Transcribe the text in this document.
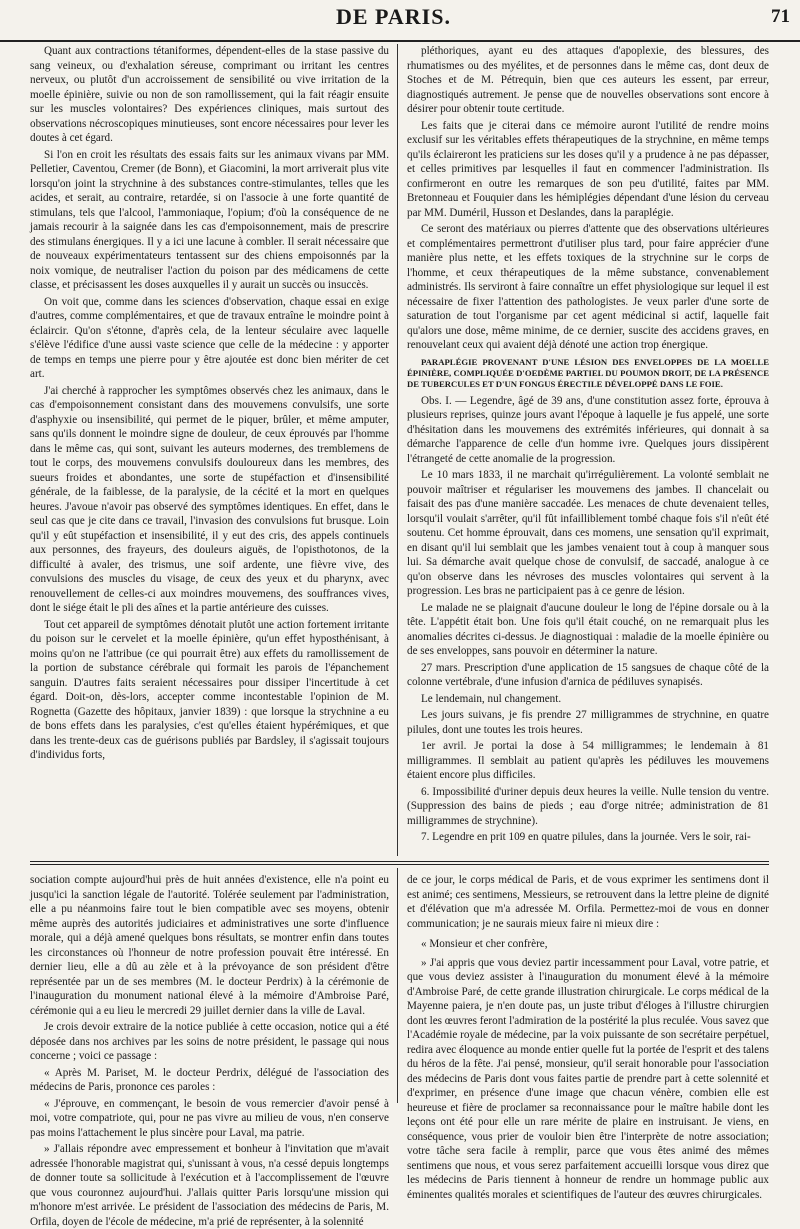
DE PARIS.	71

Quant aux contractions tétaniformes, dépendent-elles de la stase passive du sang veineux, ou d'exhalation séreuse, comprimant ou irritant les centres nerveux, ou plutôt d'un accroissement de sensibilité ou vive irritation de la moelle épinière, suivie ou non de son ramollissement, qui la fait réagir ensuite sur les muscles volontaires? Des expériences cliniques, mais surtout des observations nécroscopiques minutieuses, sont encore nécessaires pour lever les doutes à cet égard.

Si l'on en croit les résultats des essais faits sur les animaux vivans par MM. Pelletier, Caventou, Cremer (de Bonn), et Giacomini, la mort arriverait plus vite lorsqu'on joint la strychnine à des substances contre-stimulantes, telles que les acides, et serait, au contraire, retardée, si on l'associe à une forte quantité de stimulans, tels que l'alcool, l'ammoniaque, l'opium; d'où la conséquence de ne jamais recourir à la saignée dans les cas d'empoisonnement, mais de prescrire des stimulans énergiques. Il y a ici une lacune à combler. Il serait nécessaire que de nouveaux expérimentateurs tentassent sur des chiens empoisonnés par la noix vomique, de neutraliser l'action du poison par des médicamens de cette classe, et précisassent les doses auxquelles il y aurait un succès ou insuccès.

On voit que, comme dans les sciences d'observation, chaque essai en exige d'autres, comme complémentaires, et que de travaux entraîne le moindre point à éclaircir. Qu'on s'étonne, d'après cela, de la lenteur séculaire avec laquelle s'élève l'édifice d'une aussi vaste science que celle de la médecine : y apporter de temps en temps une pierre pour y être ajoutée est donc bien mériter de cet art.

J'ai cherché à rapprocher les symptômes observés chez les animaux, dans le cas d'empoisonnement consistant dans des mouvemens convulsifs, une sorte d'asphyxie ou insensibilité, qui permet de le piquer, brûler, et même amputer, sans qu'ils donnent le moindre signe de douleur, de ceux éprouvés par l'homme dans le même cas, qui sont, suivant les auteurs modernes, des tremblemens de tout le corps, des mouvemens convulsifs douloureux dans les membres, des sueurs froides et abondantes, une sorte de stupéfaction et d'insensibilité générale, de la faiblesse, de la paralysie, de la cécité et la mort en quelques heures. J'avoue n'avoir pas observé des symptômes identiques. En effet, dans le seul cas que je cite dans ce travail, l'invasion des convulsions fut brusque. Loin qu'il y eût stupéfaction et insensibilité, il y eut des cris, des appels continuels aux personnes, des frayeurs, des douleurs aiguës, de l'opisthotonos, de la difficulté à avaler, des trismus, une soif ardente, une fièvre vive, des convulsions des muscles du visage, de ceux des yeux et du pharynx, avec renouvellement de celles-ci aux moindres mouvemens, des souffrances vives, dont le siége était le pli des aînes et la partie antérieure des cuisses.

Tout cet appareil de symptômes dénotait plutôt une action fortement irritante du poison sur le cervelet et la moelle épinière, qu'un effet hyposthénisant, à moins qu'on ne l'attribue (ce qui pourrait être) aux effets du ramollissement de la portion de substance cérébrale qui formait les parois de l'épanchement sanguin. D'autres faits seraient nécessaires pour dissiper l'incertitude à cet égard. Doit-on, dès-lors, accepter comme incontestable l'opinion de M. Rognetta (Gazette des hôpitaux, janvier 1839) : que lorsque la strychnine a eu de bons effets dans les paralysies, c'est qu'elles étaient hypérémiques, et que dans les trente-deux cas de guérisons publiés par Bardsley, il s'agissait toujours d'individus forts,

pléthoriques, ayant eu des attaques d'apoplexie, des blessures, des rhumatismes ou des myélites, et de personnes dans le même cas, dont deux de Stoches et de M. Pétrequin, bien que ces auteurs les essent, par erreur, diagnostiqués autrement. Je pense que de nouvelles observations sont encore à désirer pour obtenir toute certitude.

Les faits que je citerai dans ce mémoire auront l'utilité de rendre moins exclusif sur les véritables effets thérapeutiques de la strychnine, en même temps qu'ils éclaireront les praticiens sur les doses qu'il y a prudence à ne pas dépasser, et celles primitives par lesquelles il faut en commencer l'administration. Ils confirmeront en outre les remarques de son peu d'utilité, faites par MM. Bretonneau et Fouquier dans les hémiplégies dépendant d'une lésion du cerveau par MM. Duméril, Husson et Deslandes, dans la paraplégie.

Ce seront des matériaux ou pierres d'attente que des observations ultérieures et complémentaires permettront d'utiliser plus tard, pour faire apprécier d'une manière plus nette, et les effets toxiques de la strychnine sur le corps de l'homme, et ceux thérapeutiques de la même substance, convenablement administrés. Ils serviront à faire connaître un effet physiologique sur lequel il est nécessaire de fixer l'attention des pathologistes. Je veux parler d'une sorte de saturation de tout l'organisme par cet agent médicinal si actif, laquelle fait qu'alors une dose, même minime, de ce dernier, suscite des accidens graves, en renouvelant ceux qui avaient déjà dénoté une action trop énergique.

PARAPLÉGIE PROVENANT D'UNE LÉSION DES ENVELOPPES DE LA MOELLE ÉPINIÈRE, COMPLIQUÉE D'OEDÈME PARTIEL DU POUMON DROIT, DE LA PRÉSENCE DE TUBERCULES ET D'UN FONGUS ÉRECTILE DÉVELOPPÉ DANS LE FOIE.

Obs. I. — Legendre, âgé de 39 ans, d'une constitution assez forte, éprouva à plusieurs reprises, quinze jours avant l'époque à laquelle je fus appelé, une sorte d'hésitation dans les mouvemens des extrémités inférieures, qui donnait à sa démarche l'apparence de celle d'un homme ivre. Quelques jours dissipèrent l'étrangeté de cette anomalie de la progression.

Le 10 mars 1833, il ne marchait qu'irrégulièrement. La volonté semblait ne pouvoir maîtriser et régulariser les mouvemens des jambes. Il chancelait ou faisait des pas d'une manière saccadée. Les menaces de chute devenaient telles, lorsqu'il voulait s'arrêter, qu'il fût infailliblement tombé chaque fois s'il n'eût été soutenu. Cet homme éprouvait, dans ces momens, une sensation qu'il exprimait, en disant qu'il lui semblait que les jambes venaient tout à coup à manquer sous lui. Sa démarche avait quelque chose de convulsif, de saccadé, analogue à ce qu'on observe dans les névroses des muscles volontaires qui servent à la progression. Les bras ne participaient pas à ce genre de lésion.

Le malade ne se plaignait d'aucune douleur le long de l'épine dorsale ou à la tête. L'appétit était bon. Une fois qu'il était couché, on ne remarquait plus les anomalies décrites ci-dessus. Je diagnostiquai : maladie de la moelle épinière ou de ses enveloppes, sans pouvoir en déterminer la nature.

27 mars. Prescription d'une application de 15 sangsues de chaque côté de la colonne vertébrale, d'une infusion d'arnica de pédiluves synapisés.

Le lendemain, nul changement.

Les jours suivans, je fis prendre 27 milligrammes de strychnine, en quatre pilules, dont une toutes les trois heures.

1er avril. Je portai la dose à 54 milligrammes; le lendemain à 81 milligrammes. Il semblait au patient qu'après les pédiluves les mouvemens étaient encore plus difficiles.

6. Impossibilité d'uriner depuis deux heures la veille. Nulle tension du ventre. (Suppression des bains de pieds ; eau d'orge nitrée; administration de 81 milligrammes de strychnine).

7. Legendre en prit 109 en quatre pilules, dans la journée. Vers le soir, rai-

sociation compte aujourd'hui près de huit années d'existence, elle n'a point eu jusqu'ici la sanction légale de l'autorité. Tolérée seulement par l'administration, elle a pu néanmoins faire tout le bien compatible avec ses moyens, obtenir même auprès des autorités judiciaires et administratives une sorte d'influence morale, qui a déjà amené quelques bons résultats, se montrer enfin dans toutes les circonstances où l'honneur de notre profession pouvait être intéressé. En dernier lieu, elle a dû au zèle et à la prévoyance de son président d'être représentée par un de ses membres (M. le docteur Perdrix) à la cérémonie de l'inauguration du monument national élevé à la mémoire d'Ambroise Paré, cérémonie qui a eu lieu le mercredi 29 juillet dernier dans la ville de Laval.

Je crois devoir extraire de la notice publiée à cette occasion, notice qui a été déposée dans nos archives par les soins de notre président, le passage qui nous concerne ; voici ce passage :

« Après M. Pariset, M. le docteur Perdrix, délégué de l'association des médecins de Paris, prononce ces paroles :

« J'éprouve, en commençant, le besoin de vous remercier d'avoir pensé à moi, votre compatriote, qui, pour ne pas vivre au milieu de vous, n'en conserve pas moins l'attachement le plus sincère pour Laval, ma patrie.

» J'allais répondre avec empressement et bonheur à l'invitation que m'avait adressée l'honorable magistrat qui, s'unissant à vous, n'a cessé depuis longtemps de donner toute sa sollicitude à l'exécution et à l'accomplissement de l'œuvre que vous couronnez aujourd'hui. J'allais quitter Paris lorsqu'une mission qui m'honore m'est arrivée. Le président de l'association des médecins de Paris, M. Orfila, doyen de l'école de médecine, m'a prié de représenter, à la solennité

de ce jour, le corps médical de Paris, et de vous exprimer les sentimens dont il est animé; ces sentimens, Messieurs, se retrouvent dans la lettre pleine de dignité et d'élévation que m'a adressée M. Orfila. Permettez-moi de vous en donner communication; je ne saurais mieux faire ni mieux dire :

« Monsieur et cher confrère,

» J'ai appris que vous deviez partir incessamment pour Laval, votre patrie, et que vous deviez assister à l'inauguration du monument élevé à la mémoire d'Ambroise Paré, de cette grande illustration chirurgicale. Le corps médical de la Mayenne paiera, je n'en doute pas, un juste tribut d'éloges à l'illustre chirurgien dont les œuvres feront l'admiration de la postérité la plus reculée. Vous savez que l'Académie royale de médecine, par la voix puissante de son secrétaire perpétuel, redira avec éloquence au monde entier quelle fut la portée de l'esprit et des talens du héros de la fête. J'ai pensé, monsieur, qu'il serait honorable pour l'association des médecins de Paris dont vous faites partie de prendre part à cette solennité et d'exprimer, en présence d'une image que chacun vénère, combien elle est heureuse et fière de proclamer sa reconnaissance pour le maître habile dont les leçons ont été pour elle un rare mérite de plaire en instruisant. Je viens, en conséquence, vous prier de vouloir bien être l'interprète de notre association; votre tâche sera facile à remplir, parce que vous êtes animé des mêmes sentimens que nous, et vous serez parfaitement accueilli lorsque vous direz que les médecins de Paris tiennent à honneur de rendre un hommage public aux éminentes qualités morales et scientifiques de l'auteur des œuvres chirurgicales.
